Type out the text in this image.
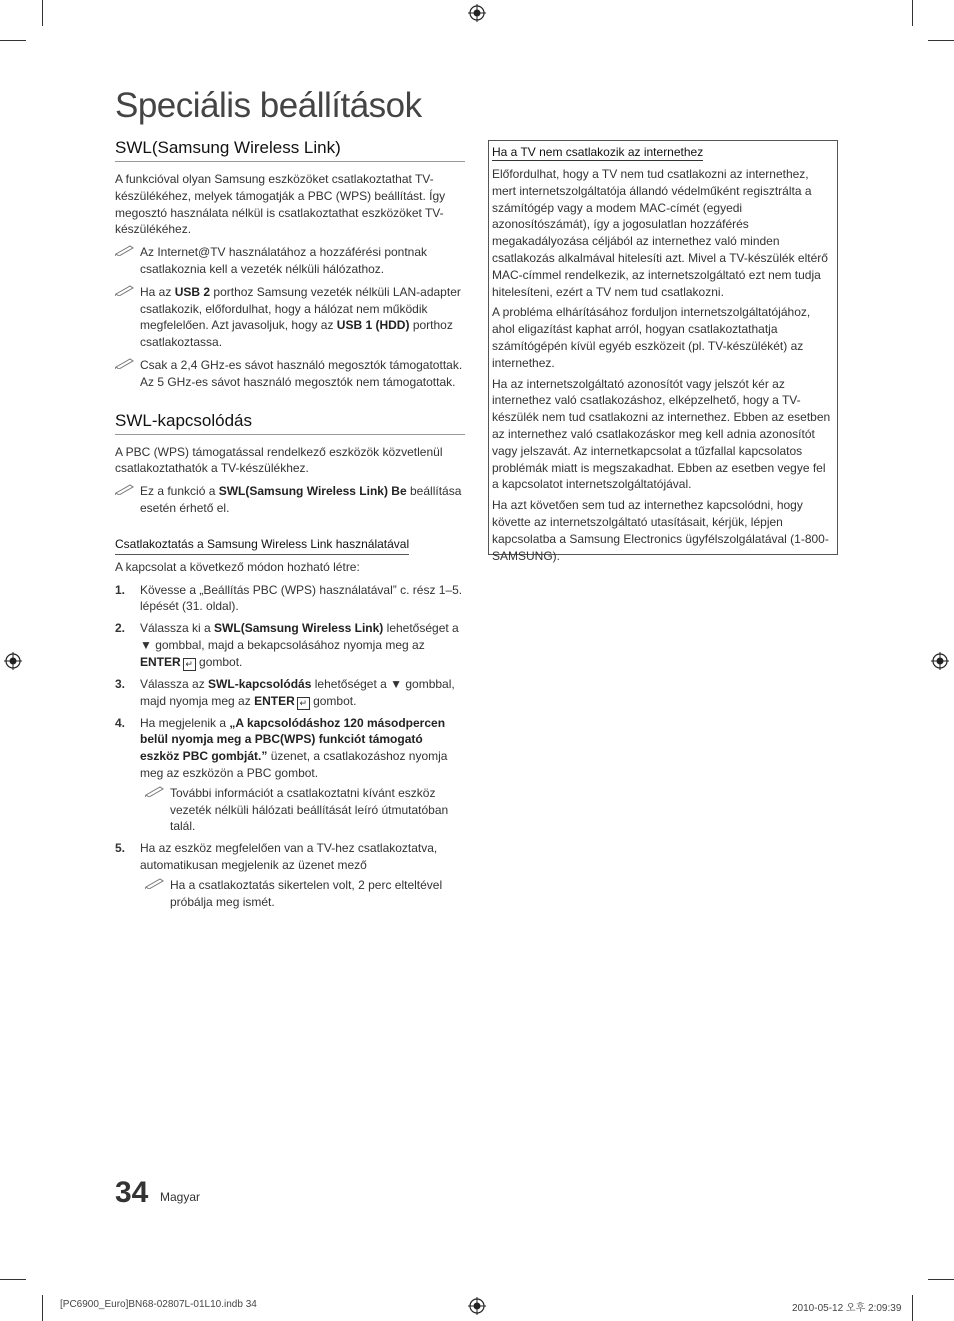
Speciális beállítások
SWL(Samsung Wireless Link)

A funkcióval olyan Samsung eszközöket csatlakoztathat TV-készülékéhez, melyek támogatják a PBC (WPS) beállítást. Így megosztó használata nélkül is csatlakoztathat eszközöket TV-készülékéhez.

Az Internet@TV használatához a hozzáférési pontnak csatlakoznia kell a vezeték nélküli hálózathoz.
Ha az USB 2 porthoz Samsung vezeték nélküli LAN-adapter csatlakozik, előfordulhat, hogy a hálózat nem működik megfelelően. Azt javasoljuk, hogy az USB 1 (HDD) porthoz csatlakoztassa.
Csak a 2,4 GHz-es sávot használó megosztók támogatottak. Az 5 GHz-es sávot használó megosztók nem támogatottak.
SWL-kapcsolódás

A PBC (WPS) támogatással rendelkező eszközök közvetlenül csatlakoztathatók a TV-készülékhez.

Ez a funkció a SWL(Samsung Wireless Link) Be beállítása esetén érhető el.
Csatlakoztatás a Samsung Wireless Link használatával

A kapcsolat a következő módon hozható létre:

1. Kövesse a „Beállítás PBC (WPS) használatával” c. rész 1–5. lépését (31. oldal).
2. Válassza ki a SWL(Samsung Wireless Link) lehetőséget a ▼ gombbal, majd a bekapcsolásához nyomja meg az ENTER ↵ gombot.
3. Válassza az SWL-kapcsolódás lehetőséget a ▼ gombbal, majd nyomja meg az ENTER ↵ gombot.
4. Ha megjelenik a „A kapcsolódáshoz 120 másodpercen belül nyomja meg a PBC(WPS) funkciót támogató eszköz PBC gombját.” üzenet, a csatlakozáshoz nyomja meg az eszközön a PBC gombot.
További információt a csatlakoztatni kívánt eszköz vezeték nélküli hálózati beállítását leíró útmutatóban talál.
5. Ha az eszköz megfelelően van a TV-hez csatlakoztatva, automatikusan megjelenik az üzenet mező
Ha a csatlakoztatás sikertelen volt, 2 perc elteltével próbálja meg ismét.
Ha a TV nem csatlakozik az internethez

Előfordulhat, hogy a TV nem tud csatlakozni az internethez, mert internetszolgáltatója állandó védelműként regisztrálta a számítógép vagy a modem MAC-címét (egyedi azonosítószámát), így a jogosulatlan hozzáférés megakadályozása céljából az internethez való minden csatlakozás alkalmával hitelesíti azt. Mivel a TV-készülék eltérő MAC-címmel rendelkezik, az internetszolgáltató ezt nem tudja hitelesíteni, ezért a TV nem tud csatlakozni.

A probléma elhárításához forduljon internetszolgáltatójához, ahol eligazítást kaphat arról, hogyan csatlakoztathatja számítógépén kívül egyéb eszközeit (pl. TV-készülékét) az internethez.

Ha az internetszolgáltató azonosítót vagy jelszót kér az internethez való csatlakozáshoz, elképzelhető, hogy a TV-készülék nem tud csatlakozni az internethez. Ebben az esetben az internethez való csatlakozáskor meg kell adnia azonosítót vagy jelszavát. Az internetkapcsolat a tűzfallal kapcsolatos problémák miatt is megszakadhat. Ebben az esetben vegye fel a kapcsolatot internetszolgáltatójával.

Ha azt követően sem tud az internethez kapcsolódni, hogy követte az internetszolgáltató utasításait, kérjük, lépjen kapcsolatba a Samsung Electronics ügyfélszolgálatával (1-800-SAMSUNG).

34 Magyar
[PC6900_Euro]BN68-02807L-01L10.indb 34	2010-05-12 오후 2:09:39
